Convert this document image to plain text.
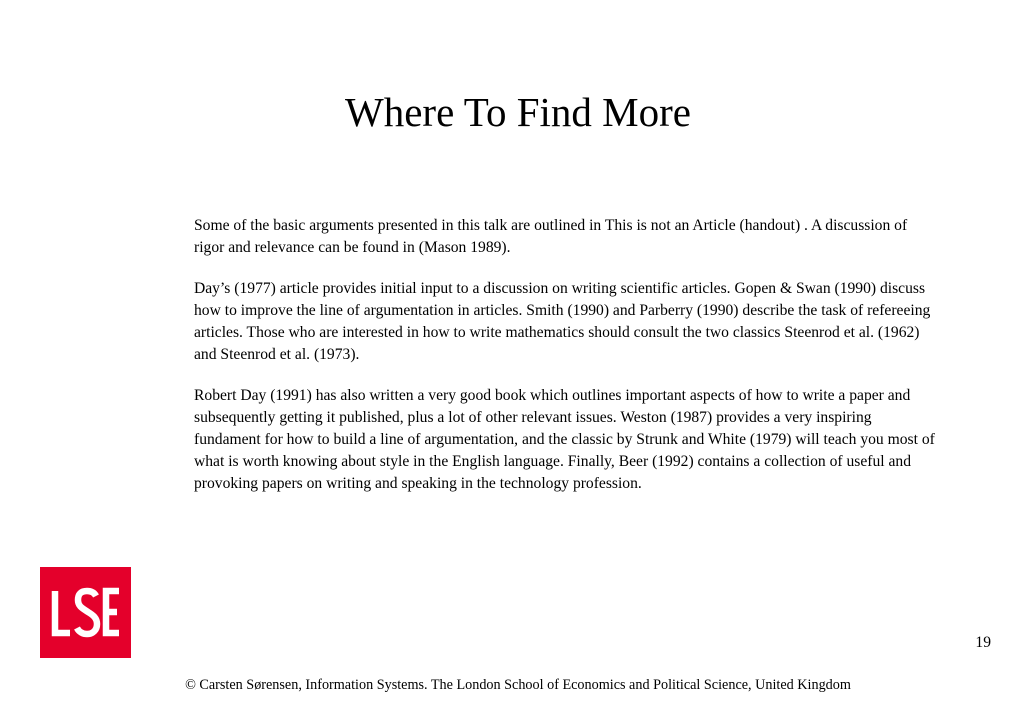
Where To Find More

Some of the basic arguments presented in this talk are outlined in This is not an Article (handout) . A discussion of rigor and relevance can be found in (Mason 1989).

Day’s (1977) article provides initial input to a discussion on writing scientific articles. Gopen & Swan (1990) discuss how to improve the line of argumentation in articles. Smith (1990) and Parberry (1990) describe the task of refereeing articles. Those who are interested in how to write mathematics should consult the two classics Steenrod et al. (1962) and Steenrod et al. (1973).

Robert Day (1991) has also written a very good book which outlines important aspects of how to write a paper and subsequently getting it published, plus a lot of other relevant issues. Weston (1987) provides a very inspiring fundament for how to build a line of argumentation, and the classic by Strunk and White (1979) will teach you most of what is worth knowing about style in the English language. Finally, Beer (1992) contains a collection of useful and provoking papers on writing and speaking in the technology profession.

19
© Carsten Sørensen, Information Systems. The London School of Economics and Political Science, United Kingdom
